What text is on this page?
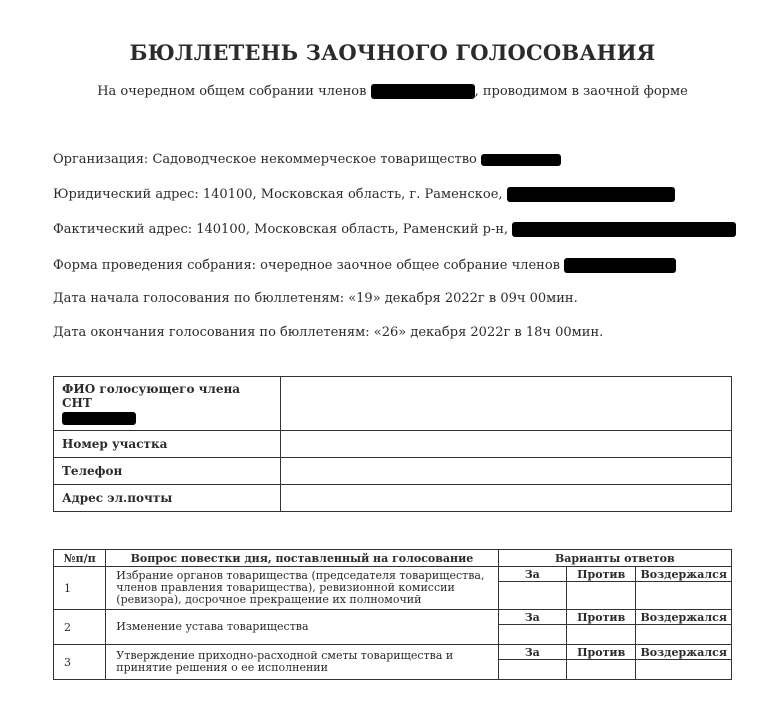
БЮЛЛЕТЕНЬ ЗАОЧНОГО ГОЛОСОВАНИЯ
На очередном общем собрании членов	, проводимом в заочной форме
Организация: Садоводческое некоммерческое товарищество
Юридический адрес: 140100, Московская область, г. Раменское,
Фактический адрес: 140100, Московская область, Раменский р-н,
Форма проведения собрания: очередное заочное общее собрание членов
Дата начала голосования по бюллетеням: «19» декабря 2022г в 09ч 00мин.
Дата окончания голосования по бюллетеням: «26» декабря 2022г в 18ч 00мин.
ФИО голосующего члена СНТ	

Номер участка	
Телефон	
Адрес эл.почты	
№п/п	Вопрос повестки дня, поставленный на голосование	Варианты ответов		
1	Избрание органов товарищества (председателя товарищества, членов правления товарищества), ревизионной комиссии (ревизора), досрочное прекращение их полномочий	За	Против	Воздержался

2	Изменение устава товарищества	За	Против	Воздержался

3	Утверждение приходно-расходной сметы товарищества и принятие решения о ее исполнении	За	Против	Воздержался
